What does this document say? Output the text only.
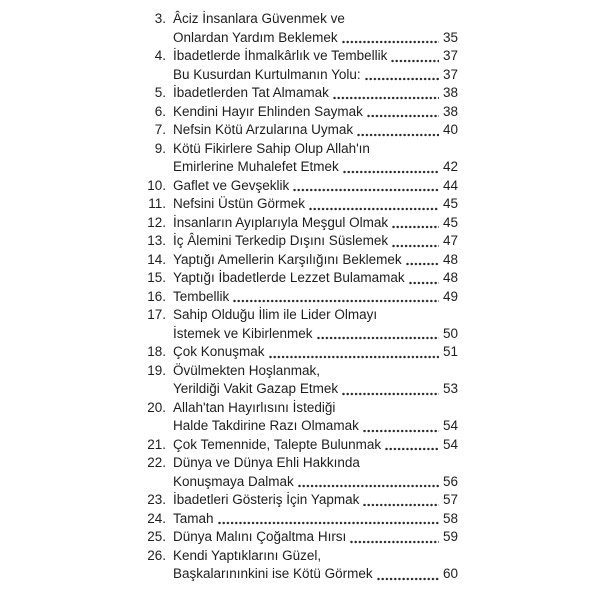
3. Âciz İnsanlara Güvenmek ve
Onlardan Yardım Beklemek	35
4. İbadetlerde İhmalkârlık ve Tembellik	37
Bu Kusurdan Kurtulmanın Yolu:	37
5. İbadetlerden Tat Almamak	38
6. Kendini Hayır Ehlinden Saymak	38
7. Nefsin Kötü Arzularına Uymak	40
9. Kötü Fikirlere Sahip Olup Allah'ın
Emirlerine Muhalefet Etmek	42
10. Gaflet ve Gevşeklik	44
11. Nefsini Üstün Görmek	45
12. İnsanların Ayıplarıyla Meşgul Olmak	45
13. İç Âlemini Terkedip Dışını Süslemek	47
14. Yaptığı Amellerin Karşılığını Beklemek	48
15. Yaptığı İbadetlerde Lezzet Bulamamak	48
16. Tembellik	49
17. Sahip Olduğu İlim ile Lider Olmayı
İstemek ve Kibirlenmek	50
18. Çok Konuşmak	51
19. Övülmekten Hoşlanmak,
Yerildiği Vakit Gazap Etmek	53
20. Allah'tan Hayırlısını İstediği
Halde Takdirine Razı Olmamak	54
21. Çok Temennide, Talepte Bulunmak	54
22. Dünya ve Dünya Ehli Hakkında
Konuşmaya Dalmak	56
23. İbadetleri Gösteriş İçin Yapmak	57
24. Tamah	58
25. Dünya Malını Çoğaltma Hırsı	59
26. Kendi Yaptıklarını Güzel,
Başkalarınınkini ise Kötü Görmek	60
